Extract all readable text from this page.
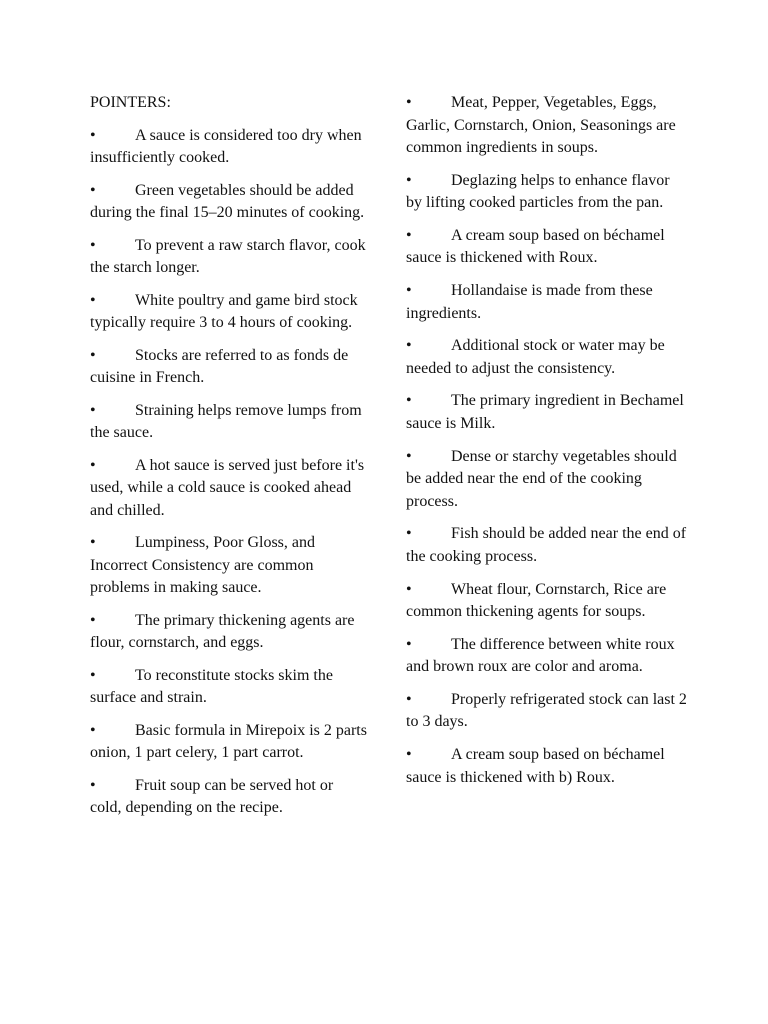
POINTERS:
• A sauce is considered too dry when insufficiently cooked.
• Green vegetables should be added during the final 15–20 minutes of cooking.
• To prevent a raw starch flavor, cook the starch longer.
• White poultry and game bird stock typically require 3 to 4 hours of cooking.
• Stocks are referred to as fonds de cuisine in French.
• Straining helps remove lumps from the sauce.
• A hot sauce is served just before it's used, while a cold sauce is cooked ahead and chilled.
• Lumpiness, Poor Gloss, and Incorrect Consistency are common problems in making sauce.
• The primary thickening agents are flour, cornstarch, and eggs.
• To reconstitute stocks skim the surface and strain.
• Basic formula in Mirepoix is 2 parts onion, 1 part celery, 1 part carrot.
• Fruit soup can be served hot or cold, depending on the recipe.
• Meat, Pepper, Vegetables, Eggs, Garlic, Cornstarch, Onion, Seasonings are common ingredients in soups.
• Deglazing helps to enhance flavor by lifting cooked particles from the pan.
• A cream soup based on béchamel sauce is thickened with Roux.
• Hollandaise is made from these ingredients.
• Additional stock or water may be needed to adjust the consistency.
• The primary ingredient in Bechamel sauce is Milk.
• Dense or starchy vegetables should be added near the end of the cooking process.
• Fish should be added near the end of the cooking process.
• Wheat flour, Cornstarch, Rice are common thickening agents for soups.
• The difference between white roux and brown roux are color and aroma.
• Properly refrigerated stock can last 2 to 3 days.
• A cream soup based on béchamel sauce is thickened with b) Roux.
